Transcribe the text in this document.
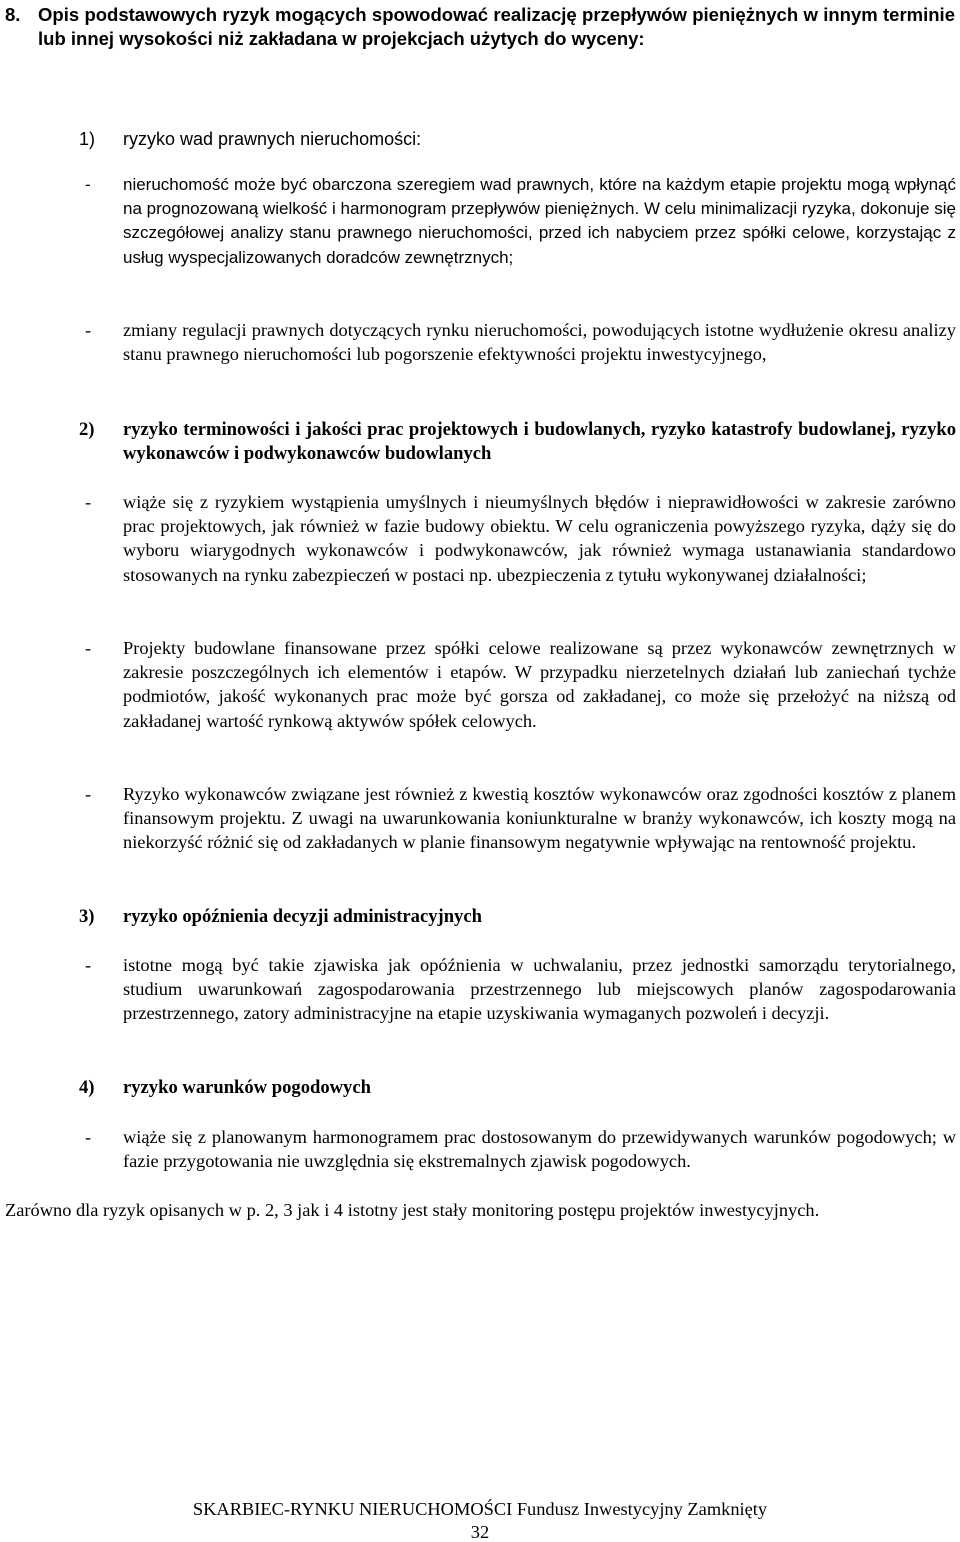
8. Opis podstawowych ryzyk mogących spowodować realizację przepływów pieniężnych w innym terminie lub innej wysokości niż zakładana w projekcjach użytych do wyceny:
1) ryzyko wad prawnych nieruchomości:
- nieruchomość może być obarczona szeregiem wad prawnych, które na każdym etapie projektu mogą wpłynąć na prognozowaną wielkość i harmonogram przepływów pieniężnych. W celu minimalizacji ryzyka, dokonuje się szczegółowej analizy stanu prawnego nieruchomości, przed ich nabyciem przez spółki celowe, korzystając z usług wyspecjalizowanych doradców zewnętrznych;
- zmiany regulacji prawnych dotyczących rynku nieruchomości, powodujących istotne wydłużenie okresu analizy stanu prawnego nieruchomości lub pogorszenie efektywności projektu inwestycyjnego,
2) ryzyko terminowości i jakości prac projektowych i budowlanych, ryzyko katastrofy budowlanej, ryzyko wykonawców i podwykonawców budowlanych
- wiąże się z ryzykiem wystąpienia umyślnych i nieumyślnych błędów i nieprawidłowości w zakresie zarówno prac projektowych, jak również w fazie budowy obiektu. W celu ograniczenia powyższego ryzyka, dąży się do wyboru wiarygodnych wykonawców i podwykonawców, jak również wymaga ustanawiania standardowo stosowanych na rynku zabezpieczeń w postaci np. ubezpieczenia z tytułu wykonywanej działalności;
- Projekty budowlane finansowane przez spółki celowe realizowane są przez wykonawców zewnętrznych w zakresie poszczególnych ich elementów i etapów. W przypadku nierzetelnych działań lub zaniechań tychże podmiotów, jakość wykonanych prac może być gorsza od zakładanej, co może się przełożyć na niższą od zakładanej wartość rynkową aktywów spółek celowych.
- Ryzyko wykonawców związane jest również z kwestią kosztów wykonawców oraz zgodności kosztów z planem finansowym projektu. Z uwagi na uwarunkowania koniunkturalne w branży wykonawców, ich koszty mogą na niekorzyść różnić się od zakładanych w planie finansowym negatywnie wpływając na rentowność projektu.
3) ryzyko opóźnienia decyzji administracyjnych
- istotne mogą być takie zjawiska jak opóźnienia w uchwalaniu, przez jednostki samorządu terytorialnego, studium uwarunkowań zagospodarowania przestrzennego lub miejscowych planów zagospodarowania przestrzennego, zatory administracyjne na etapie uzyskiwania wymaganych pozwoleń i decyzji.
4) ryzyko warunków pogodowych
- wiąże się z planowanym harmonogramem prac dostosowanym do przewidywanych warunków pogodowych; w fazie przygotowania nie uwzględnia się ekstremalnych zjawisk pogodowych.
Zarówno dla ryzyk opisanych w p. 2, 3 jak i 4 istotny jest stały monitoring postępu projektów inwestycyjnych.
SKARBIEC-RYNKU NIERUCHOMOŚCI Fundusz Inwestycyjny Zamknięty
32
